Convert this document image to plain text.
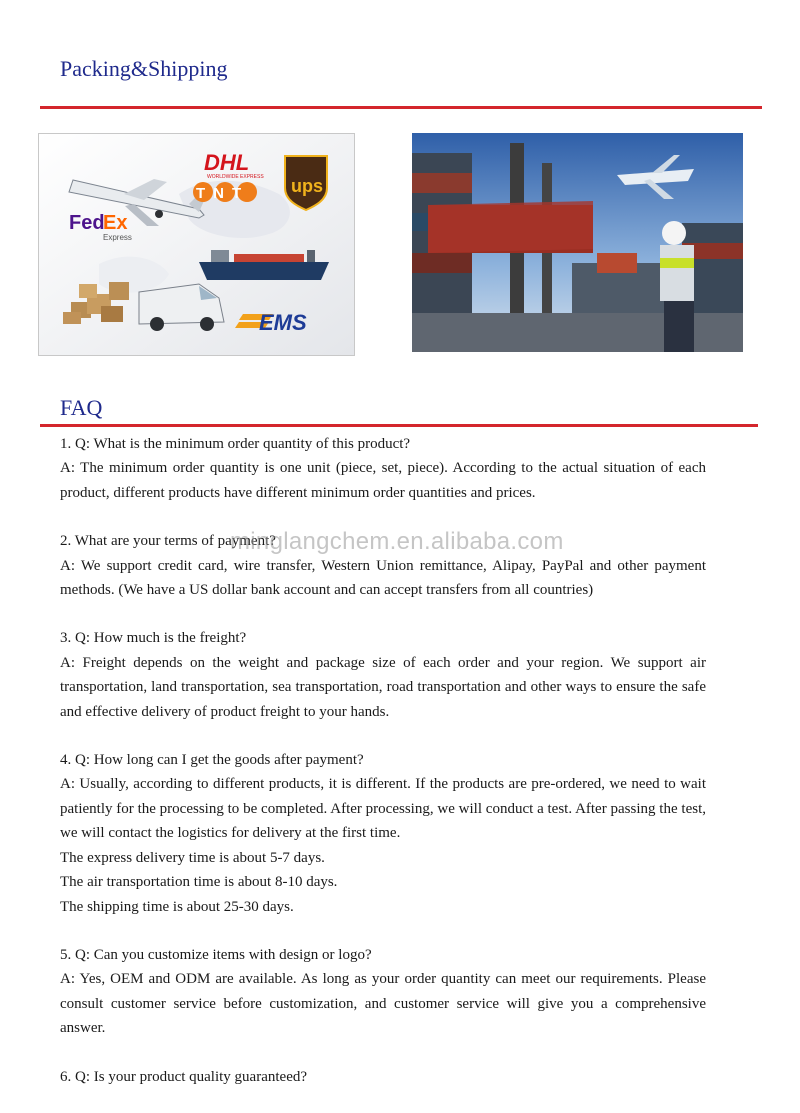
Packing&Shipping
DHL
WORLDWIDE EXPRESS
TNT ups
Fed
Ex
Express
EMS
FAQ

1. Q: What is the minimum order quantity of this product?

A: The minimum order quantity is one unit (piece, set, piece). According to the actual situation of each product, different products have different minimum order quantities and prices.

2. What are your terms of payment?

A: We support credit card, wire transfer, Western Union remittance, Alipay, PayPal and other payment methods. (We have a US dollar bank account and can accept transfers from all countries)

3. Q: How much is the freight?

A: Freight depends on the weight and package size of each order and your region. We support air transportation, land transportation, sea transportation, road transportation and other ways to ensure the safe and effective delivery of product freight to your hands.

4. Q: How long can I get the goods after payment?

A: Usually, according to different products, it is different. If the products are pre-ordered, we need to wait patiently for the processing to be completed. After processing, we will conduct a test. After passing the test, we will contact the logistics for delivery at the first time.

The express delivery time is about 5-7 days.

The air transportation time is about 8-10 days.

The shipping time is about 25-30 days.

5. Q: Can you customize items with design or logo?

A: Yes, OEM and ODM are available. As long as your order quantity can meet our requirements. Please consult customer service before customization, and customer service will give you a comprehensive answer.

6. Q: Is your product quality guaranteed?

minglangchem.en.alibaba.com
